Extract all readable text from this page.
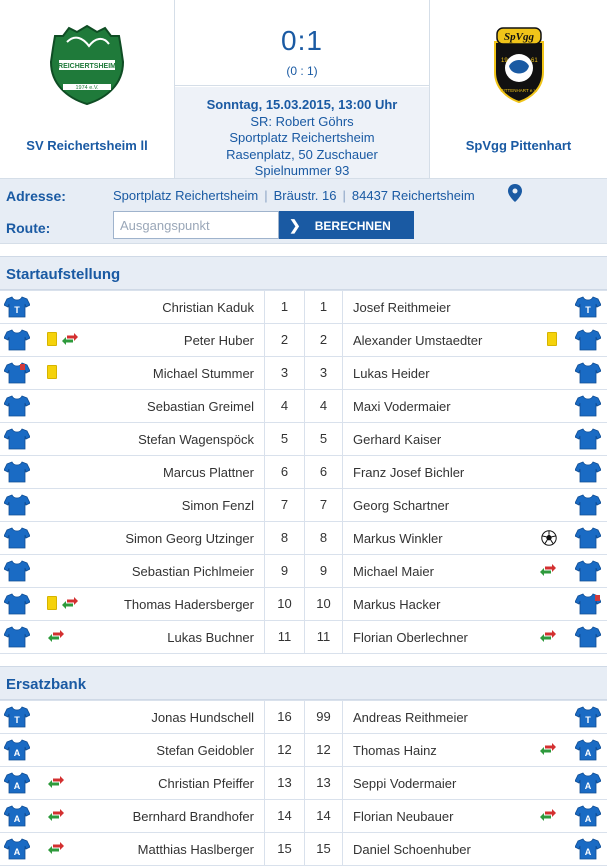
REICHERTSHEIM
1974 e.V.
SV Reichertsheim ll
0:1
(0 : 1)
Sonntag, 15.03.2015, 13:00 Uhr
SR: Robert Göhrs
Sportplatz Reichertsheim
Rasenplatz, 50 Zuschauer
Spielnummer 93
SpVgg
19	61
PITTENHART e.V.
SpVgg Pittenhart
Adresse:	Sportplatz Reichertsheim | Bräustr. 16 | 84437 Reichertsheim
Route:
Ausgangspunkt	❯ BERECHNEN
Startaufstellung
T	Christian Kaduk	1	1	Josef Reithmeier	T
Peter Huber	2	2	Alexander Umstaedter
Michael Stummer	3	3	Lukas Heider
Sebastian Greimel	4	4	Maxi Vodermaier
Stefan Wagenspöck	5	5	Gerhard Kaiser
Marcus Plattner	6	6	Franz Josef Bichler
Simon Fenzl	7	7	Georg Schartner
Simon Georg Utzinger	8	8	Markus Winkler
Sebastian Pichlmeier	9	9	Michael Maier
Thomas Hadersberger	10	10	Markus Hacker
Lukas Buchner	11	11	Florian Oberlechner
Ersatzbank
T	Jonas Hundschell	16	99	Andreas Reithmeier	T
A	Stefan Geidobler	12	12	Thomas Hainz	A
A	Christian Pfeiffer	13	13	Seppi Vodermaier	A
A	Bernhard Brandhofer	14	14	Florian Neubauer	A
A	Matthias Haslberger	15	15	Daniel Schoenhuber	A
